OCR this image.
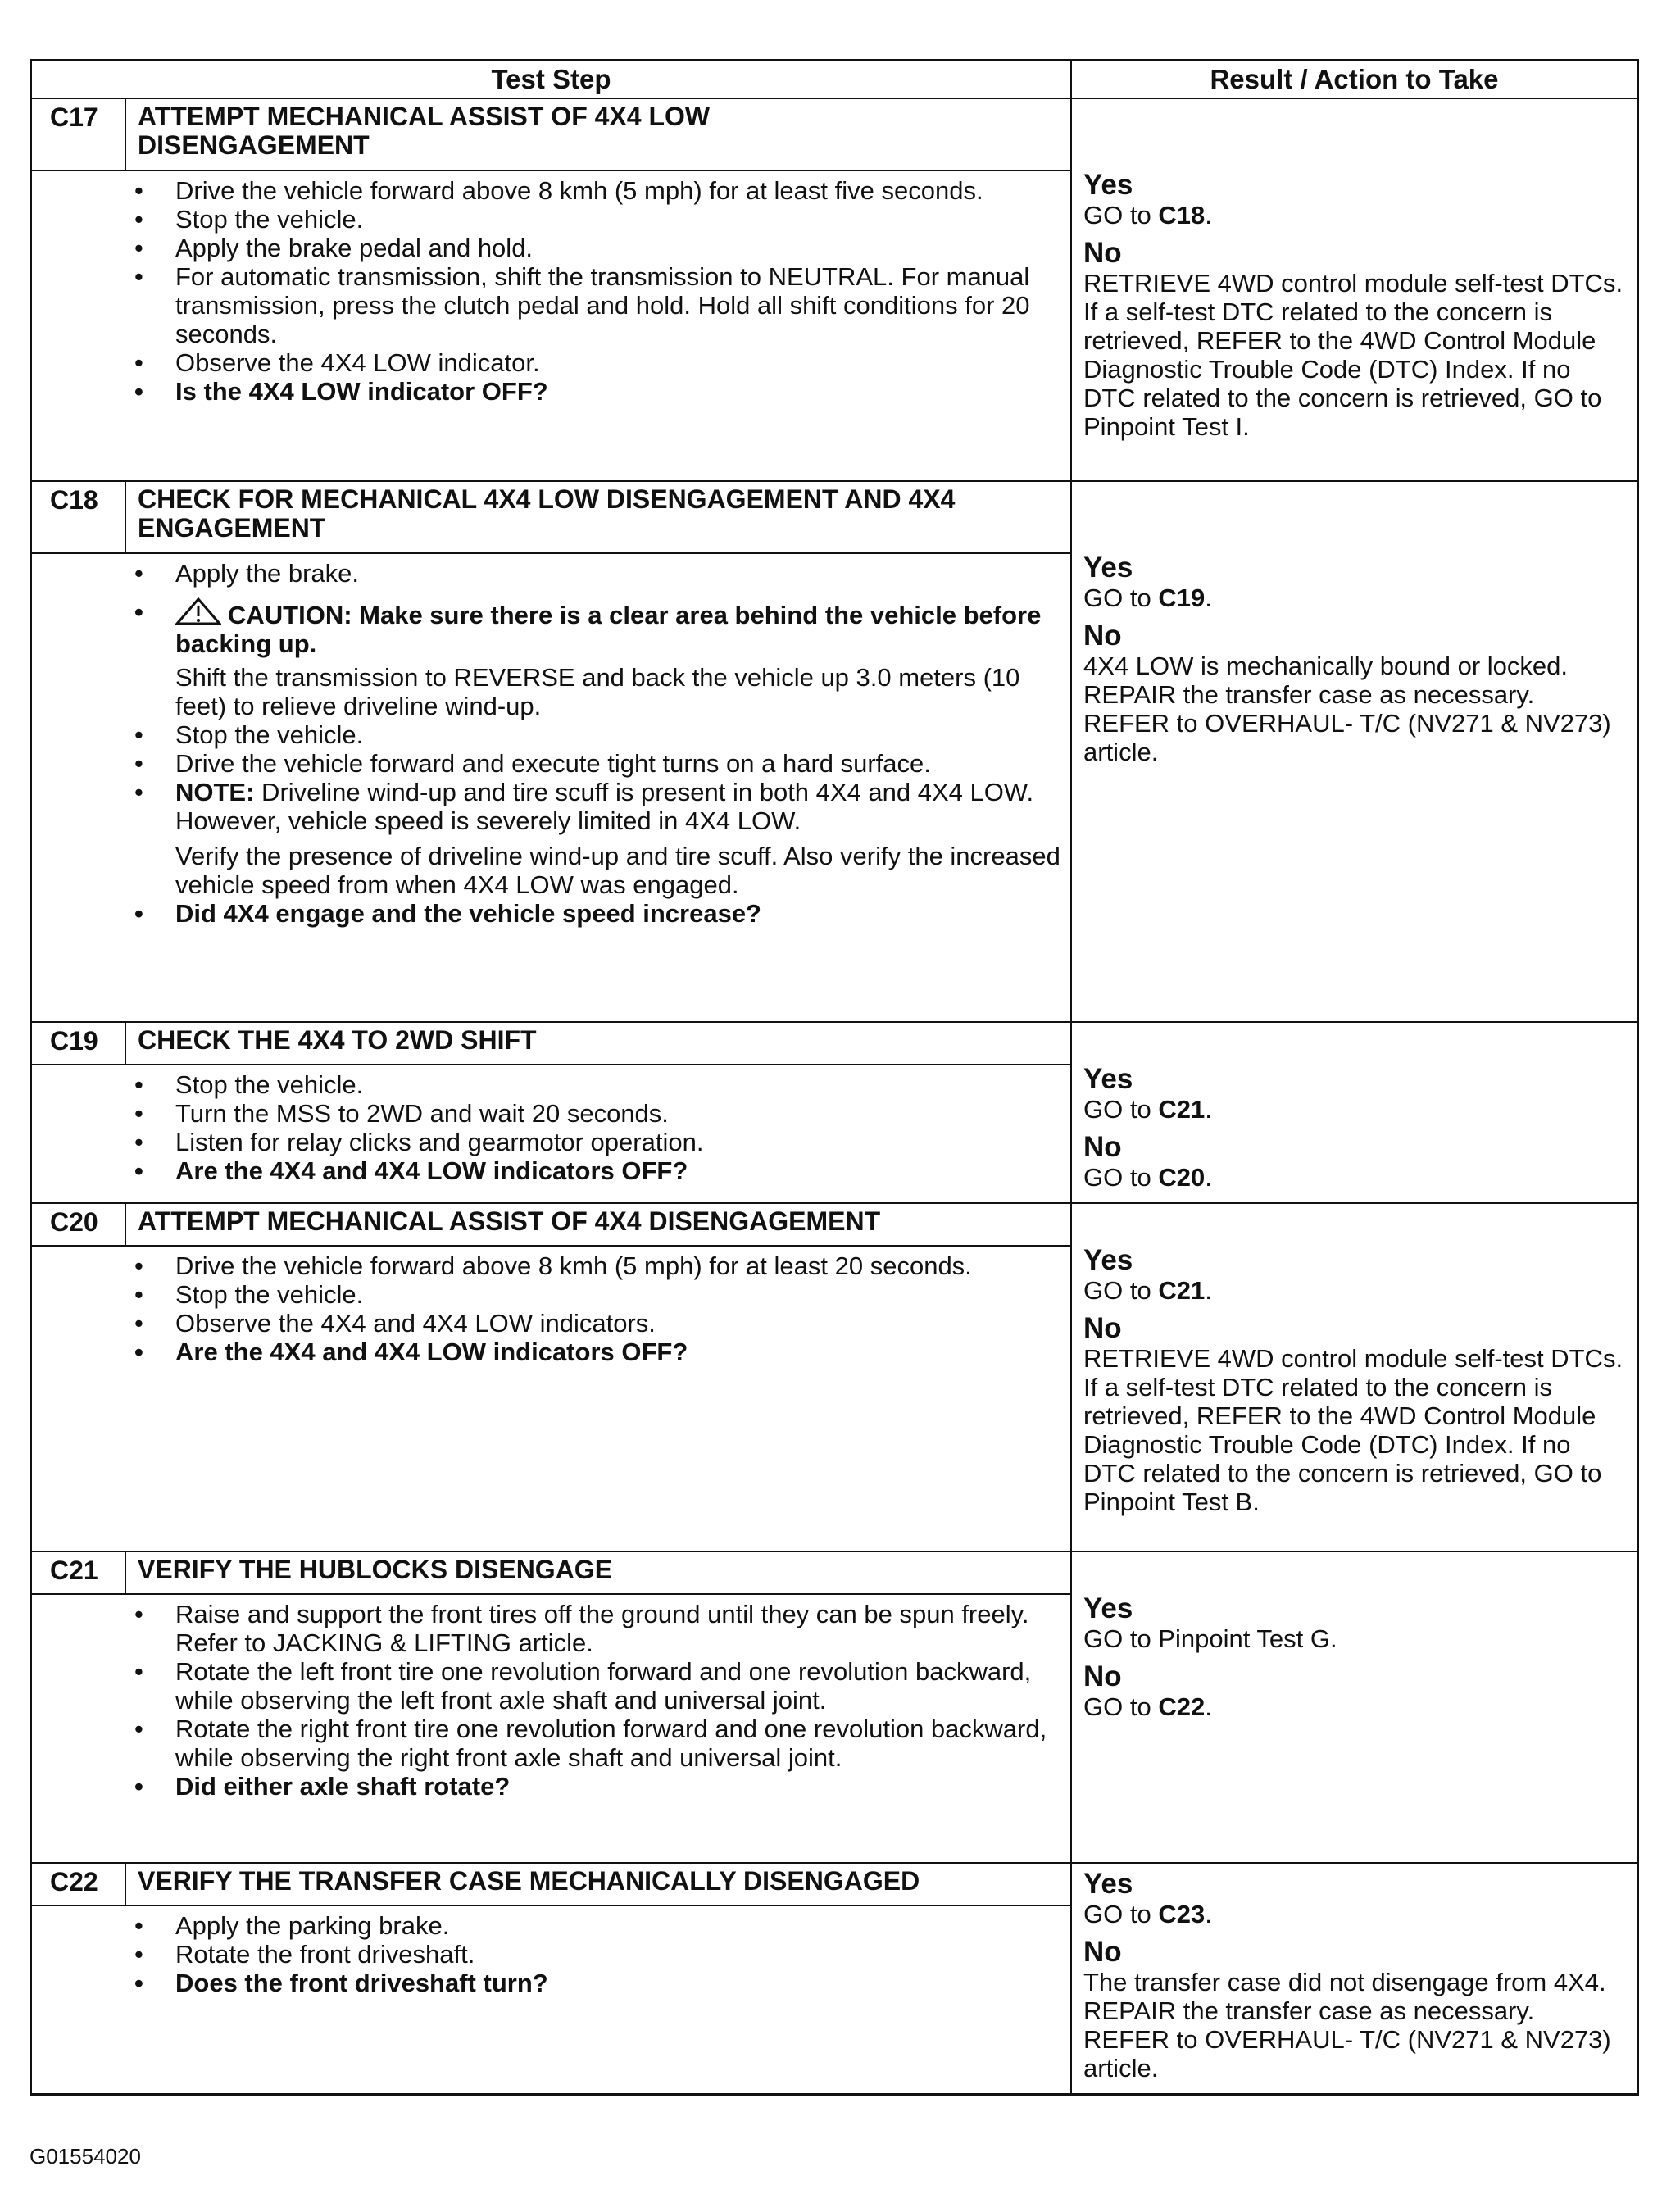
Test Step	Result / Action to Take
C17	ATTEMPT MECHANICAL ASSIST OF 4X4 LOW DISENGAGEMENT

• Drive the vehicle forward above 8 kmh (5 mph) for at least five seconds.

• Stop the vehicle.

• Apply the brake pedal and hold.

• For automatic transmission, shift the transmission to NEUTRAL. For manual transmission, press the clutch pedal and hold. Hold all shift conditions for 20 seconds.

• Observe the 4X4 LOW indicator.

• Is the 4X4 LOW indicator OFF?

Yes
GO to C18.
No
RETRIEVE 4WD control module self-test DTCs. If a self-test DTC related to the concern is retrieved, REFER to the 4WD Control Module Diagnostic Trouble Code (DTC) Index. If no DTC related to the concern is retrieved, GO to Pinpoint Test I.
C18	CHECK FOR MECHANICAL 4X4 LOW DISENGAGEMENT AND 4X4 ENGAGEMENT

• Apply the brake.

•	CAUTION: Make sure there is a clear area behind the vehicle before backing up.

Shift the transmission to REVERSE and back the vehicle up 3.0 meters (10 feet) to relieve driveline wind-up.

• Stop the vehicle.

• Drive the vehicle forward and execute tight turns on a hard surface.

• NOTE: Driveline wind-up and tire scuff is present in both 4X4 and 4X4 LOW. However, vehicle speed is severely limited in 4X4 LOW.

Verify the presence of driveline wind-up and tire scuff. Also verify the increased vehicle speed from when 4X4 LOW was engaged.

• Did 4X4 engage and the vehicle speed increase?

Yes
GO to C19.
No
4X4 LOW is mechanically bound or locked. REPAIR the transfer case as necessary. REFER to OVERHAUL- T/C (NV271 & NV273) article.
C19	CHECK THE 4X4 TO 2WD SHIFT

• Stop the vehicle.

• Turn the MSS to 2WD and wait 20 seconds.

• Listen for relay clicks and gearmotor operation.

• Are the 4X4 and 4X4 LOW indicators OFF?

Yes
GO to C21.
No
GO to C20.
C20	ATTEMPT MECHANICAL ASSIST OF 4X4 DISENGAGEMENT

• Drive the vehicle forward above 8 kmh (5 mph) for at least 20 seconds.

• Stop the vehicle.

• Observe the 4X4 and 4X4 LOW indicators.

• Are the 4X4 and 4X4 LOW indicators OFF?

Yes
GO to C21.
No
RETRIEVE 4WD control module self-test DTCs. If a self-test DTC related to the concern is retrieved, REFER to the 4WD Control Module Diagnostic Trouble Code (DTC) Index. If no DTC related to the concern is retrieved, GO to Pinpoint Test B.
C21	VERIFY THE HUBLOCKS DISENGAGE

• Raise and support the front tires off the ground until they can be spun freely. Refer to JACKING & LIFTING article.

• Rotate the left front tire one revolution forward and one revolution backward, while observing the left front axle shaft and universal joint.

• Rotate the right front tire one revolution forward and one revolution backward, while observing the right front axle shaft and universal joint.

• Did either axle shaft rotate?

Yes
GO to Pinpoint Test G.
No
GO to C22.
C22	VERIFY THE TRANSFER CASE MECHANICALLY DISENGAGED

• Apply the parking brake.

• Rotate the front driveshaft.

• Does the front driveshaft turn?

Yes
GO to C23.
No
The transfer case did not disengage from 4X4. REPAIR the transfer case as necessary. REFER to OVERHAUL- T/C (NV271 & NV273) article.
G01554020
